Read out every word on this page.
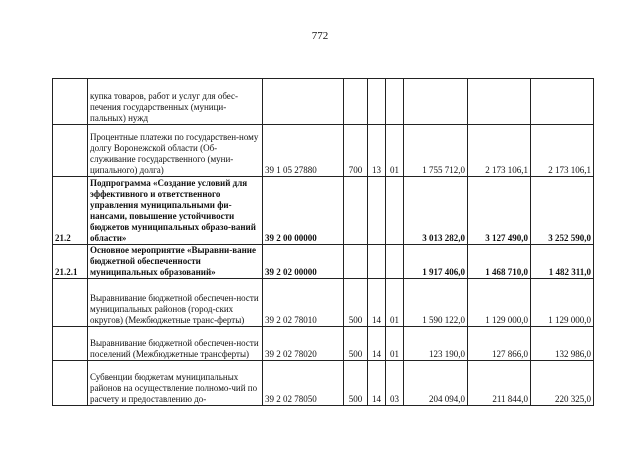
772
	купка товаров, работ и услуг для обес-печения государственных (муници-пальных) нужд							
	Процентные платежи по государствен-ному долгу Воронежской области (Об-служивание государственного (муни-ципального) долга)	39 1 05 27880	700	13	01	1 755 712,0	2 173 106,1	2 173 106,1
21.2	Подпрограмма «Создание условий для эффективного и ответственного управления муниципальными фи-нансами, повышение устойчивости бюджетов муниципальных образо-ваний области»	39 2 00 00000				3 013 282,0	3 127 490,0	3 252 590,0
21.2.1	Основное мероприятие «Выравни-вание бюджетной обеспеченности муниципальных образований»	39 2 02 00000				1 917 406,0	1 468 710,0	1 482 311,0
	Выравнивание бюджетной обеспечен-ности муниципальных районов (город-ских округов) (Межбюджетные транс-ферты)	39 2 02 78010	500	14	01	1 590 122,0	1 129 000,0	1 129 000,0
	Выравнивание бюджетной обеспечен-ности поселений (Межбюджетные трансферты)	39 2 02 78020	500	14	01	123 190,0	127 866,0	132 986,0
	Субвенции бюджетам муниципальных районов на осуществление полномо-чий по расчету и предоставлению до-	39 2 02 78050	500	14	03	204 094,0	211 844,0	220 325,0
